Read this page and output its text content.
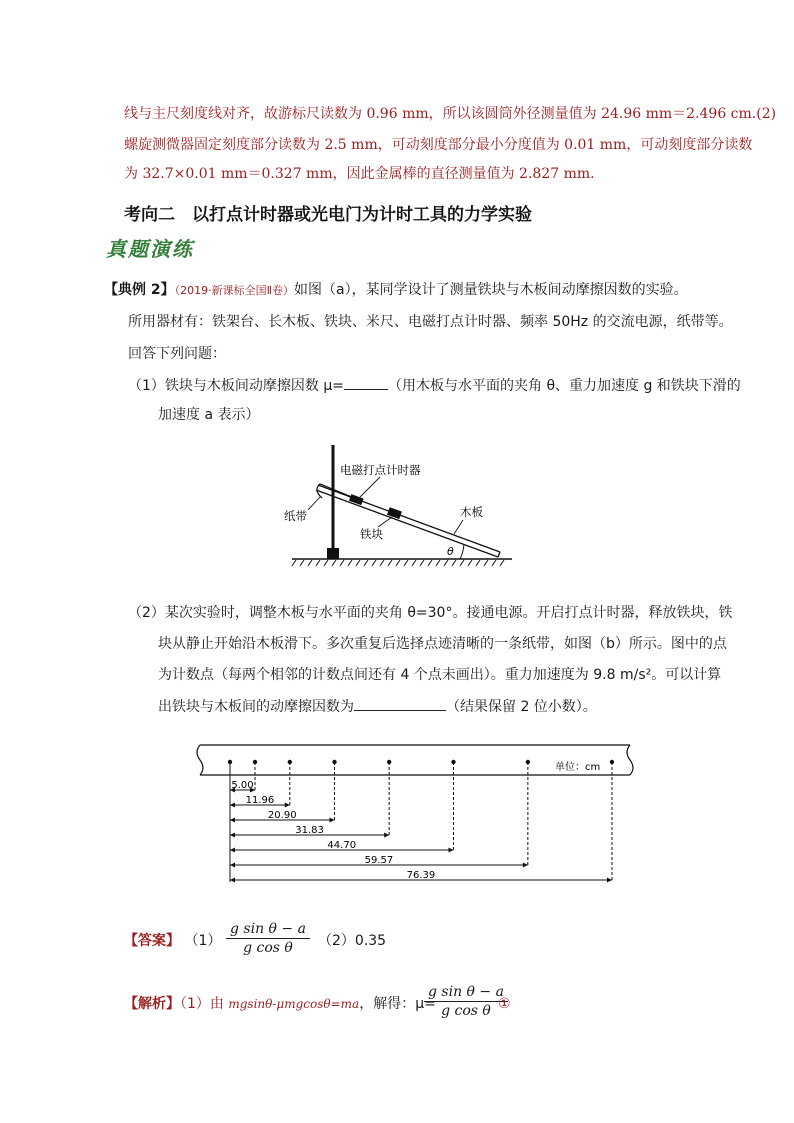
线与主尺刻度线对齐，故游标尺读数为 0.96 mm，所以该圆筒外径测量值为 24.96 mm＝2.496 cm.(2)
螺旋测微器固定刻度部分读数为 2.5 mm，可动刻度部分最小分度值为 0.01 mm，可动刻度部分读数
为 32.7×0.01 mm＝0.327 mm，因此金属棒的直径测量值为 2.827 mm.
考向二　以打点计时器或光电门为计时工具的力学实验
真题演练
【典例 2】（2019·新课标全国Ⅱ卷）如图（a），某同学设计了测量铁块与木板间动摩擦因数的实验。
所用器材有：铁架台、长木板、铁块、米尺、电磁打点计时器、频率 50Hz 的交流电源，纸带等。
回答下列问题：
（1）铁块与木板间动摩擦因数 μ=	（用木板与水平面的夹角 θ、重力加速度 g 和铁块下滑的
加速度 a 表示）
θ
电磁打点计时器
纸带	木板
铁块
（2）某次实验时，调整木板与水平面的夹角 θ=30°。接通电源。开启打点计时器，释放铁块，铁
块从静止开始沿木板滑下。多次重复后选择点迹清晰的一条纸带，如图（b）所示。图中的点
为计数点（每两个相邻的计数点间还有 4 个点未画出）。重力加速度为 9.8 m/s²。可以计算
出铁块与木板间的动摩擦因数为	（结果保留 2 位小数）。
单位：cm
5.00
11.96
20.90
31.83
44.70
59.57
76.39
【答案】 $(1) \frac{\text{g sin θ − a}}{\text{g cos θ}} (2)0.35$
【解析】（1）由 mgsinθ-μmgcosθ=ma，解得：μ=
$\frac{\text{g sin θ − a}}{\text{g cos θ}}$
①
